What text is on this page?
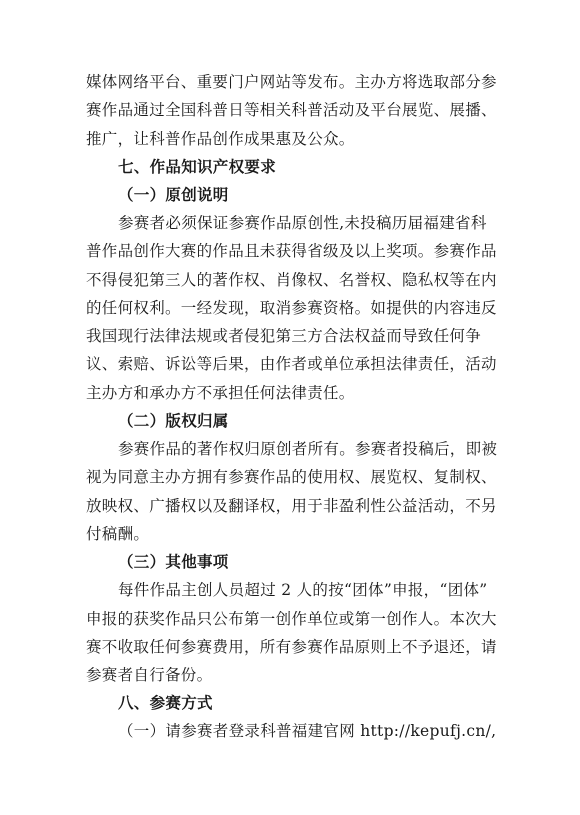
媒体网络平台、重要门户网站等发布。主办方将选取部分参
赛作品通过全国科普日等相关科普活动及平台展览、展播、
推广，让科普作品创作成果惠及公众。
七、作品知识产权要求
（一）原创说明
参赛者必须保证参赛作品原创性,未投稿历届福建省科
普作品创作大赛的作品且未获得省级及以上奖项。参赛作品
不得侵犯第三人的著作权、肖像权、名誉权、隐私权等在内
的任何权利。一经发现，取消参赛资格。如提供的内容违反
我国现行法律法规或者侵犯第三方合法权益而导致任何争
议、索赔、诉讼等后果，由作者或单位承担法律责任，活动
主办方和承办方不承担任何法律责任。
（二）版权归属
参赛作品的著作权归原创者所有。参赛者投稿后，即被
视为同意主办方拥有参赛作品的使用权、展览权、复制权、
放映权、广播权以及翻译权，用于非盈利性公益活动，不另
付稿酬。
（三）其他事项
每件作品主创人员超过 2 人的按“团体”申报，“团体”
申报的获奖作品只公布第一创作单位或第一创作人。本次大
赛不收取任何参赛费用，所有参赛作品原则上不予退还，请
参赛者自行备份。
八、参赛方式
（一）请参赛者登录科普福建官网 http://kepufj.cn/,
